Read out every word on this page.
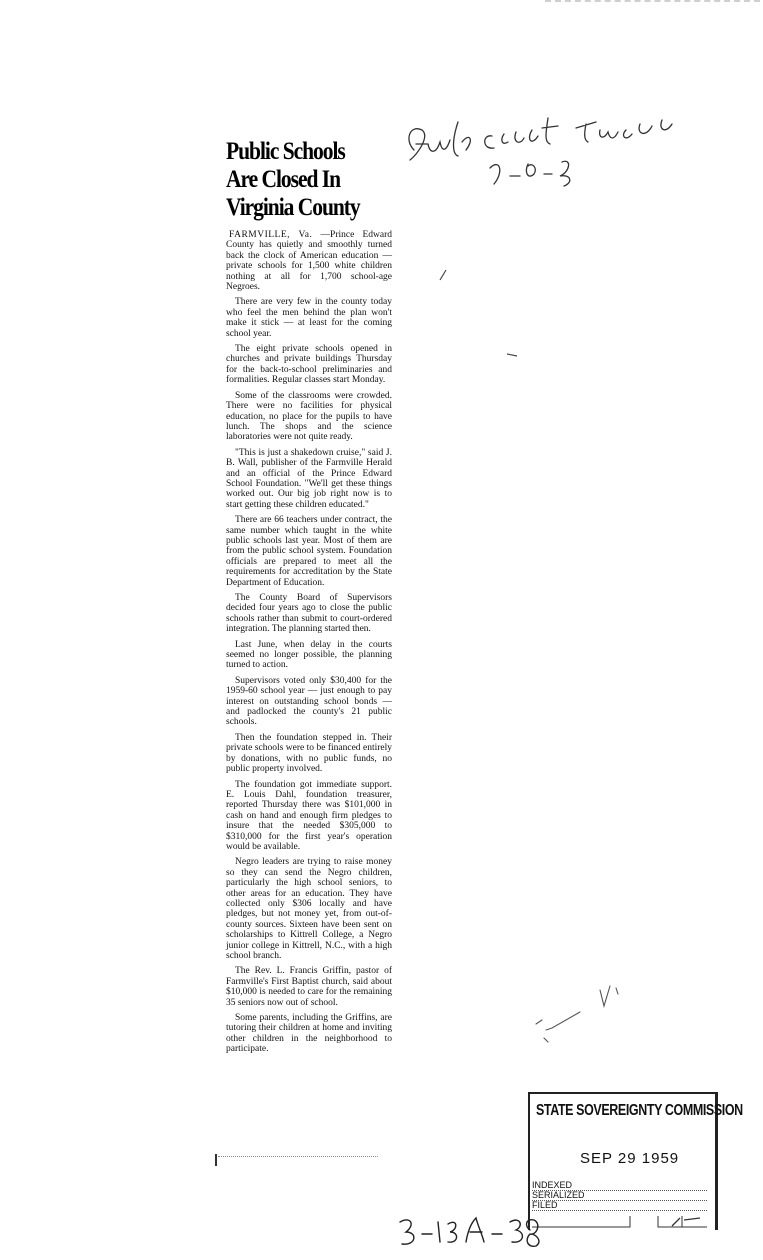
Public Schools
Are Closed In
Virginia County

FARMVILLE, Va. —Prince Edward County has quietly and smoothly turned back the clock of American education — private schools for 1,500 white children nothing at all for 1,700 school-age Negroes.

There are very few in the county today who feel the men behind the plan won't make it stick — at least for the coming school year.

The eight private schools opened in churches and private buildings Thursday for the back-to-school preliminaries and formalities. Regular classes start Monday.

Some of the classrooms were crowded. There were no facilities for physical education, no place for the pupils to have lunch. The shops and the science laboratories were not quite ready.

"This is just a shakedown cruise," said J. B. Wall, publisher of the Farmville Herald and an official of the Prince Edward School Foundation. "We'll get these things worked out. Our big job right now is to start getting these children educated."

There are 66 teachers under contract, the same number which taught in the white public schools last year. Most of them are from the public school system. Foundation officials are prepared to meet all the requirements for accreditation by the State Department of Education.

The County Board of Supervisors decided four years ago to close the public schools rather than submit to court-ordered integration. The planning started then.

Last June, when delay in the courts seemed no longer possible, the planning turned to action.

Supervisors voted only $30,400 for the 1959-60 school year — just enough to pay interest on outstanding school bonds — and padlocked the county's 21 public schools.

Then the foundation stepped in. Their private schools were to be financed entirely by donations, with no public funds, no public property involved.

The foundation got immediate support. E. Louis Dahl, foundation treasurer, reported Thursday there was $101,000 in cash on hand and enough firm pledges to insure that the needed $305,000 to $310,000 for the first year's operation would be available.

Negro leaders are trying to raise money so they can send the Negro children, particularly the high school seniors, to other areas for an education. They have collected only $306 locally and have pledges, but not money yet, from out-of-county sources. Sixteen have been sent on scholarships to Kittrell College, a Negro junior college in Kittrell, N.C., with a high school branch.

The Rev. L. Francis Griffin, pastor of Farmville's First Baptist church, said about $10,000 is needed to care for the remaining 35 seniors now out of school.

Some parents, including the Griffins, are tutoring their children at home and inviting other children in the neighborhood to participate.

STATE SOVEREIGNTY COMMISSION
SEP 29 1959
INDEXED
SERIALIZED
FILED
